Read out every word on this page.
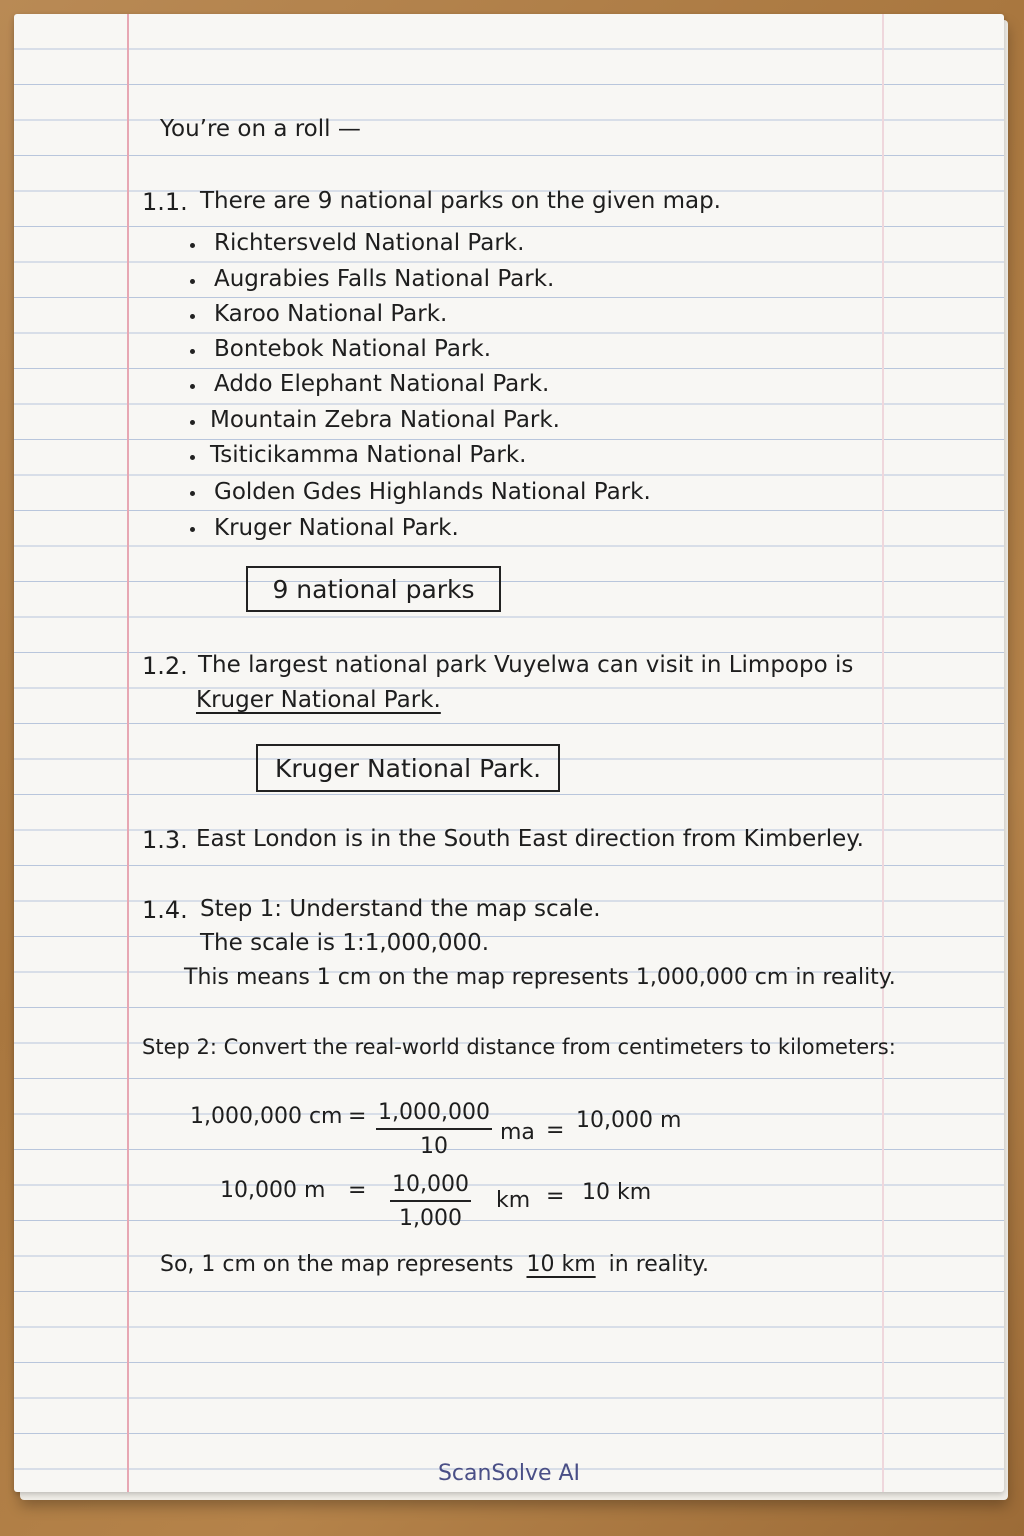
You’re on a roll —
1.1. There are 9 national parks on the given map.
Richtersveld National Park.
Augrabies Falls National Park.
Karoo National Park.
Bontebok National Park.
Addo Elephant National Park.
Mountain Zebra National Park.
Tsiticikamma National Park.
Golden Gdes Highlands National Park.
Kruger National Park.
9 national parks
1.2. The largest national park Vuyelwa can visit in Limpopo is
Kruger National Park.
Kruger National Park.
1.3. East London is in the South East direction from Kimberley.
1.4. Step 1: Understand the map scale.
The scale is 1:1,000,000.
This means 1 cm on the map represents 1,000,000 cm in reality.
Step 2: Convert the real-world distance from centimeters to kilometers:
1,000,000 cm = $\frac{1,000,000}{10}$ ma = 10,000 m
10,000 $m = \frac{10,000}{1,000}$ km = 10 km
So, 1 cm on the map represents 10 km in reality.
ScanSolve AI
